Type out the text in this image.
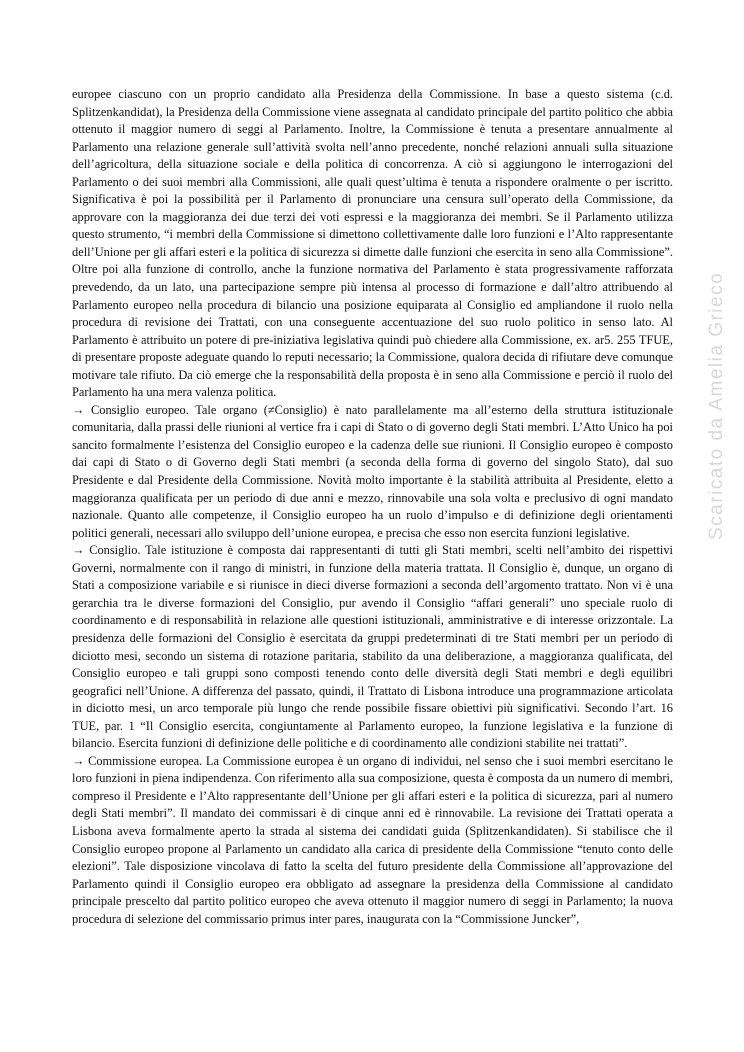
europee ciascuno con un proprio candidato alla Presidenza della Commissione. In base a questo sistema (c.d. Splitzenkandidat), la Presidenza della Commissione viene assegnata al candidato principale del partito politico che abbia ottenuto il maggior numero di seggi al Parlamento. Inoltre, la Commissione è tenuta a presentare annualmente al Parlamento una relazione generale sull’attività svolta nell’anno precedente, nonché relazioni annuali sulla situazione dell’agricoltura, della situazione sociale e della politica di concorrenza. A ciò si aggiungono le interrogazioni del Parlamento o dei suoi membri alla Commissioni, alle quali quest’ultima è tenuta a rispondere oralmente o per iscritto. Significativa è poi la possibilità per il Parlamento di pronunciare una censura sull’operato della Commissione, da approvare con la maggioranza dei due terzi dei voti espressi e la maggioranza dei membri. Se il Parlamento utilizza questo strumento, “i membri della Commissione si dimettono collettivamente dalle loro funzioni e l’Alto rappresentante dell’Unione per gli affari esteri e la politica di sicurezza si dimette dalle funzioni che esercita in seno alla Commissione”. Oltre poi alla funzione di controllo, anche la funzione normativa del Parlamento è stata progressivamente rafforzata prevedendo, da un lato, una partecipazione sempre più intensa al processo di formazione e dall’altro attribuendo al Parlamento europeo nella procedura di bilancio una posizione equiparata al Consiglio ed ampliandone il ruolo nella procedura di revisione dei Trattati, con una conseguente accentuazione del suo ruolo politico in senso lato. Al Parlamento è attribuito un potere di pre-iniziativa legislativa quindi può chiedere alla Commissione, ex. ar5. 255 TFUE, di presentare proposte adeguate quando lo reputi necessario; la Commissione, qualora decida di rifiutare deve comunque motivare tale rifiuto. Da ciò emerge che la responsabilità della proposta è in seno alla Commissione e perciò il ruolo del Parlamento ha una mera valenza politica.

→ Consiglio europeo. Tale organo (≠Consiglio) è nato parallelamente ma all’esterno della struttura istituzionale comunitaria, dalla prassi delle riunioni al vertice fra i capi di Stato o di governo degli Stati membri. L’Atto Unico ha poi sancito formalmente l’esistenza del Consiglio europeo e la cadenza delle sue riunioni. Il Consiglio europeo è composto dai capi di Stato o di Governo degli Stati membri (a seconda della forma di governo del singolo Stato), dal suo Presidente e dal Presidente della Commissione. Novità molto importante è la stabilità attribuita al Presidente, eletto a maggioranza qualificata per un periodo di due anni e mezzo, rinnovabile una sola volta e preclusivo di ogni mandato nazionale. Quanto alle competenze, il Consiglio europeo ha un ruolo d’impulso e di definizione degli orientamenti politici generali, necessari allo sviluppo dell’unione europea, e precisa che esso non esercita funzioni legislative.

→ Consiglio. Tale istituzione è composta dai rappresentanti di tutti gli Stati membri, scelti nell’ambito dei rispettivi Governi, normalmente con il rango di ministri, in funzione della materia trattata. Il Consiglio è, dunque, un organo di Stati a composizione variabile e si riunisce in dieci diverse formazioni a seconda dell’argomento trattato. Non vi è una gerarchia tra le diverse formazioni del Consiglio, pur avendo il Consiglio “affari generali” uno speciale ruolo di coordinamento e di responsabilità in relazione alle questioni istituzionali, amministrative e di interesse orizzontale. La presidenza delle formazioni del Consiglio è esercitata da gruppi predeterminati di tre Stati membri per un periodo di diciotto mesi, secondo un sistema di rotazione paritaria, stabilito da una deliberazione, a maggioranza qualificata, del Consiglio europeo e tali gruppi sono composti tenendo conto delle diversità degli Stati membri e degli equilibri geografici nell’Unione. A differenza del passato, quindi, il Trattato di Lisbona introduce una programmazione articolata in diciotto mesi, un arco temporale più lungo che rende possibile fissare obiettivi più significativi. Secondo l’art. 16 TUE, par. 1 “Il Consiglio esercita, congiuntamente al Parlamento europeo, la funzione legislativa e la funzione di bilancio. Esercita funzioni di definizione delle politiche e di coordinamento alle condizioni stabilite nei trattati”.

→ Commissione europea. La Commissione europea è un organo di individui, nel senso che i suoi membri esercitano le loro funzioni in piena indipendenza. Con riferimento alla sua composizione, questa è composta da un numero di membri, compreso il Presidente e l’Alto rappresentante dell’Unione per gli affari esteri e la politica di sicurezza, pari al numero degli Stati membri”. Il mandato dei commissari è di cinque anni ed è rinnovabile. La revisione dei Trattati operata a Lisbona aveva formalmente aperto la strada al sistema dei candidati guida (Splitzenkandidaten). Si stabilisce che il Consiglio europeo propone al Parlamento un candidato alla carica di presidente della Commissione “tenuto conto delle elezioni”. Tale disposizione vincolava di fatto la scelta del futuro presidente della Commissione all’approvazione del Parlamento quindi il Consiglio europeo era obbligato ad assegnare la presidenza della Commissione al candidato principale prescelto dal partito politico europeo che aveva ottenuto il maggior numero di seggi in Parlamento; la nuova procedura di selezione del commissario primus inter pares, inaugurata con la “Commissione Juncker”,

Scaricato da Amelia Grieco
